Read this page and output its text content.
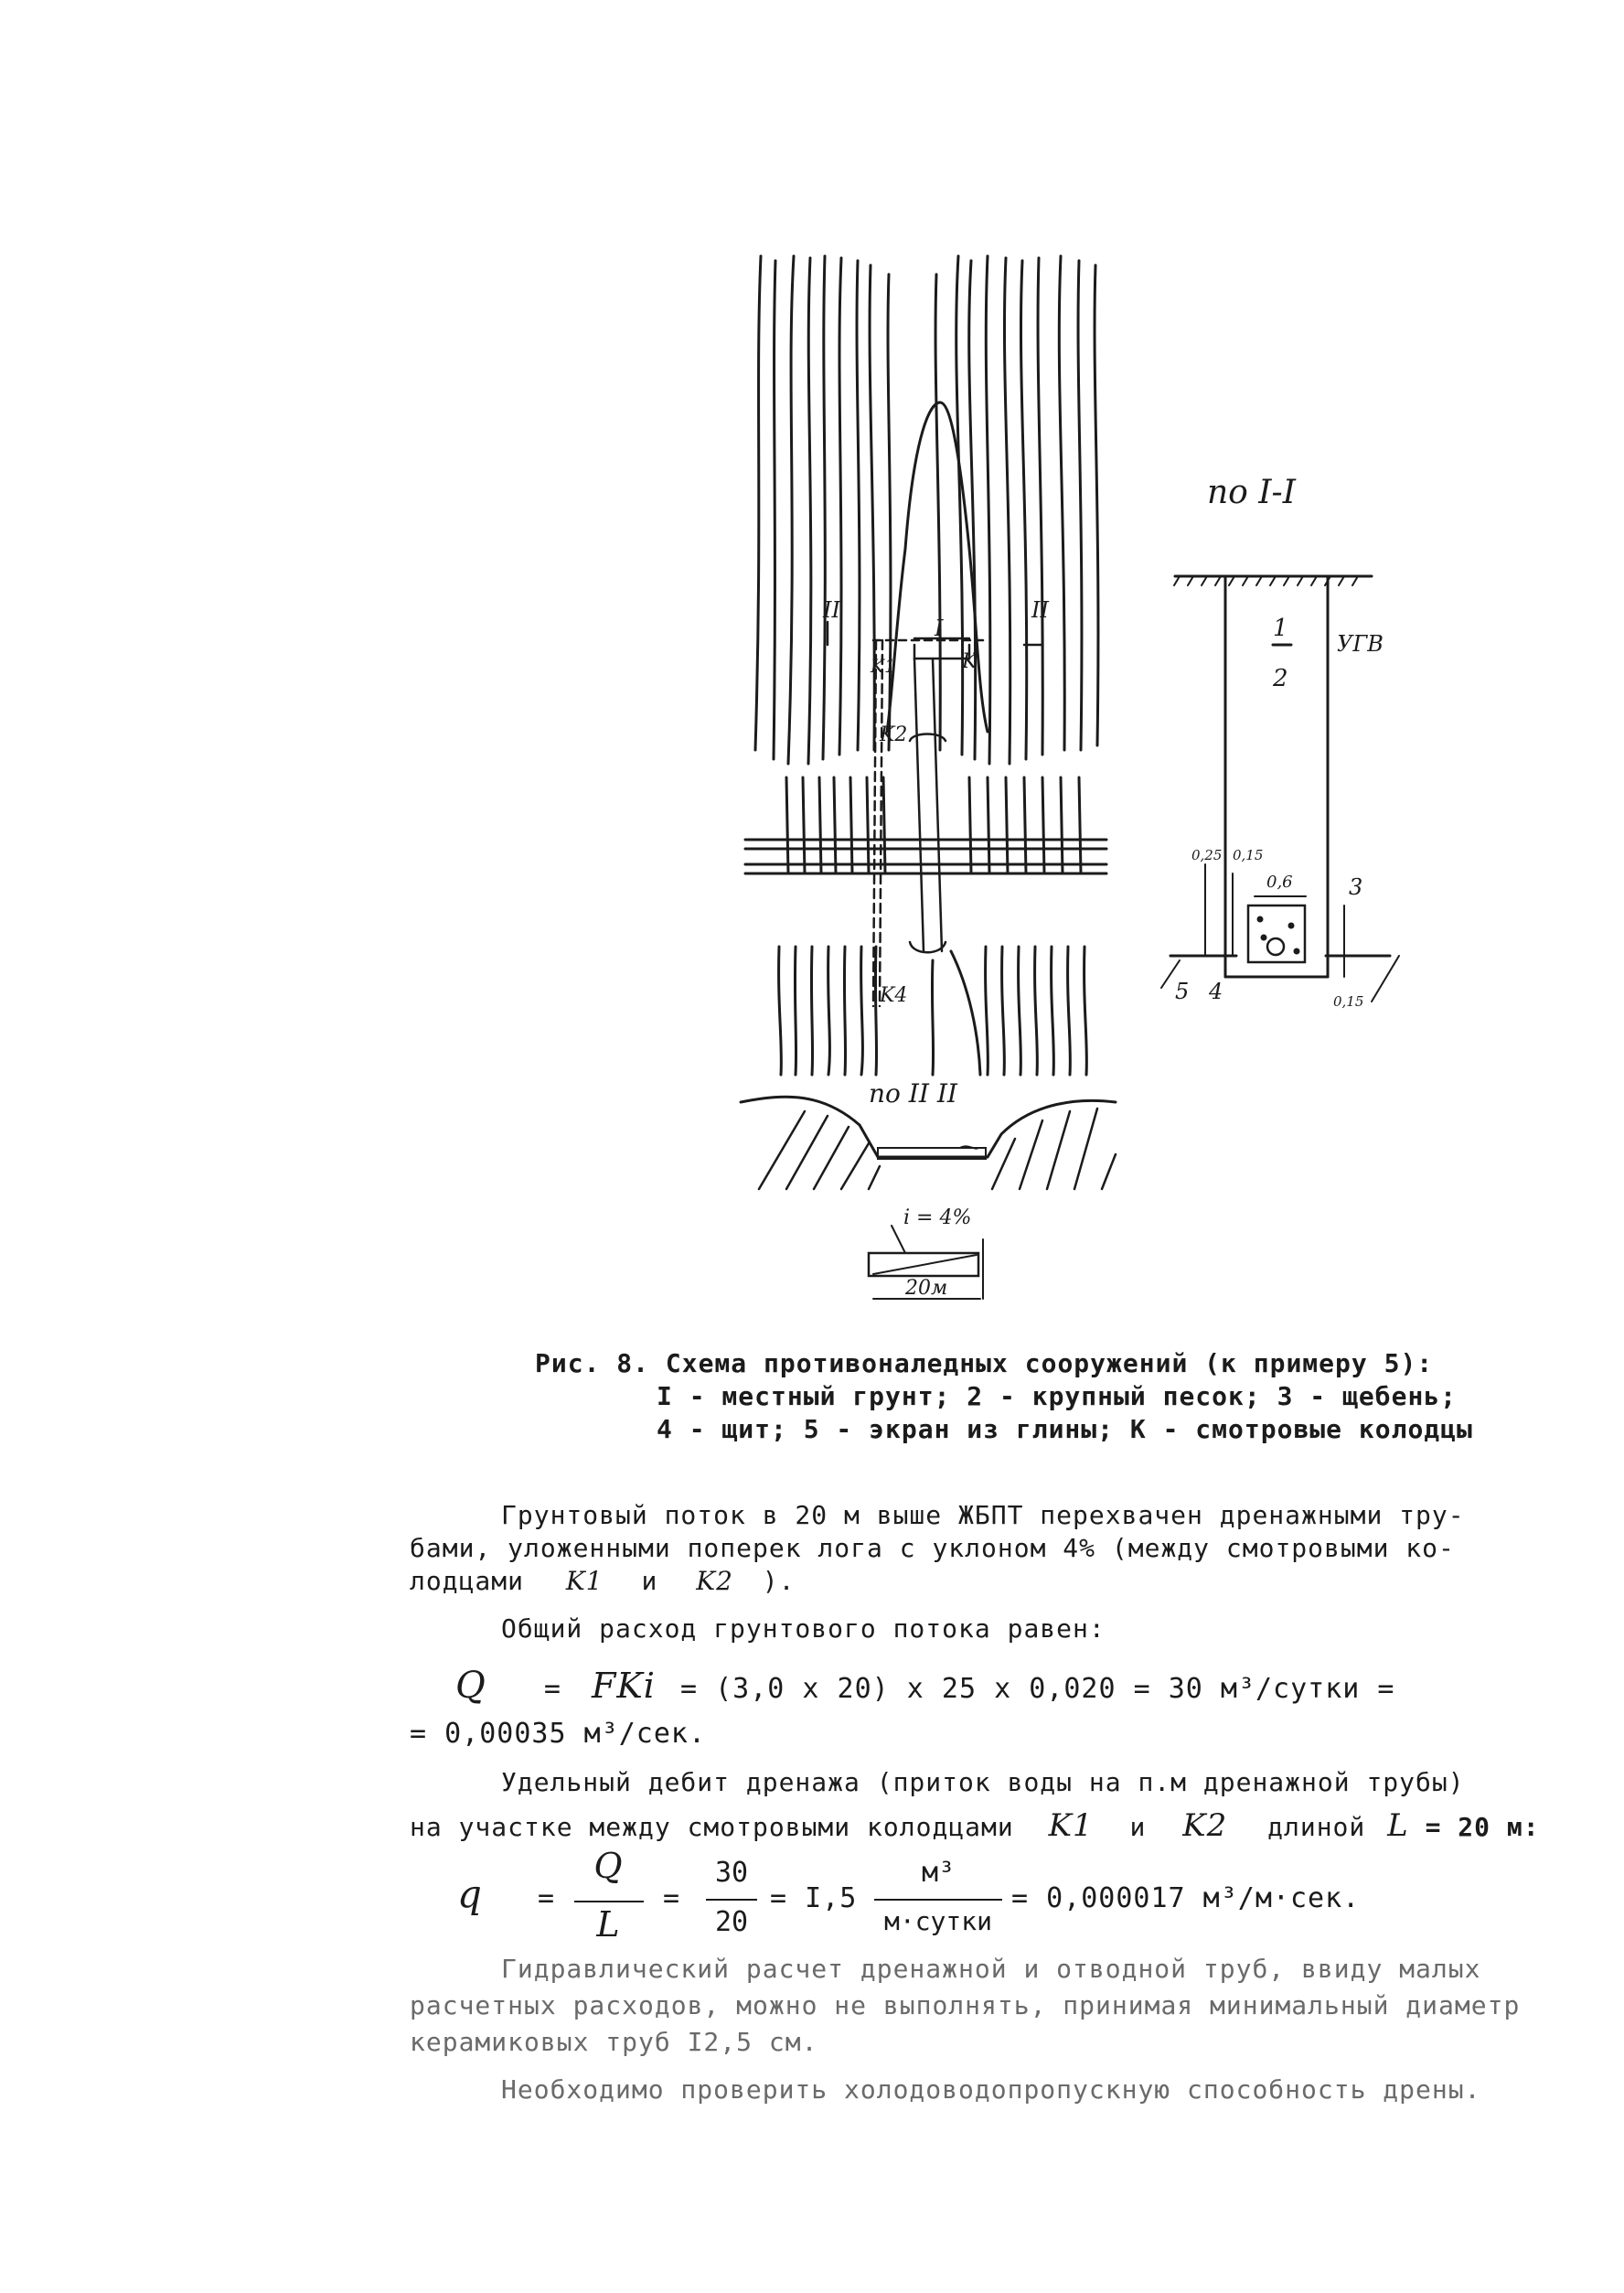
по I-I
по II II
II	II
I
K1
K2
K
K4
1
2
УГВ
3
4
5
0,25 0,15
0,6
0,15
i = 4%
20м
Рис. 8. Схема противоналедных сооружений (к примеру 5):
I - местный грунт; 2 - крупный песок; 3 - щебень;
4 - щит; 5 - экран из глины; К - смотровые колодцы
Грунтовый поток в 20 м выше ЖБПТ перехвачен дренажными тру-
бами, уложенными поперек лога с уклоном 4% (между смотровыми ко-
лодцами K1 и K2 ).
Общий расход грунтового потока равен:
Q = FKi = (3,0 x 20) x 25 x 0,020 = 30 м³/сутки =
= 0,00035 м³/сек.
Удельный дебит дренажа (приток воды на п.м дренажной трубы)
на участке между смотровыми колодцами K1 и K2 длиной L = 20 м:
q =
Q
L
=
30
20
= I,5
м³
м·сутки
= 0,000017 м³/м·сек.
Гидравлический расчет дренажной и отводной труб, ввиду малых
расчетных расходов, можно не выполнять, принимая минимальный диаметр
керамиковых труб I2,5 см.
Необходимо проверить холодоводопропускную способность дрены.
